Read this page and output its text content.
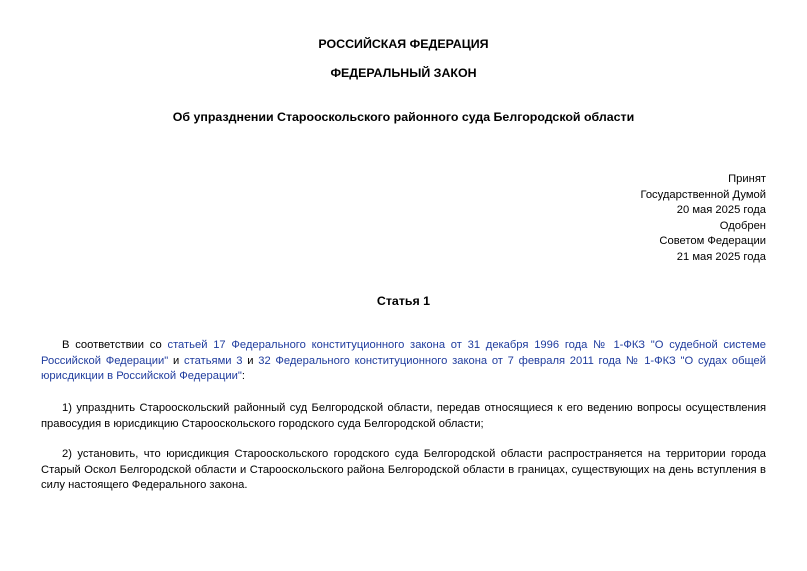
РОССИЙСКАЯ ФЕДЕРАЦИЯ
ФЕДЕРАЛЬНЫЙ ЗАКОН
Об упразднении Старооскольского районного суда Белгородской области
Принят
Государственной Думой
20 мая 2025 года
Одобрен
Советом Федерации
21 мая 2025 года
Статья 1

В соответствии со статьей 17 Федерального конституционного закона от 31 декабря 1996 года № 1-ФКЗ "О судебной системе Российской Федерации" и статьями 3 и 32 Федерального конституционного закона от 7 февраля 2011 года № 1-ФКЗ "О судах общей юрисдикции в Российской Федерации":

1) упразднить Старооскольский районный суд Белгородской области, передав относящиеся к его ведению вопросы осуществления правосудия в юрисдикцию Старооскольского городского суда Белгородской области;

2) установить, что юрисдикция Старооскольского городского суда Белгородской области распространяется на территории города Старый Оскол Белгородской области и Старооскольского района Белгородской области в границах, существующих на день вступления в силу настоящего Федерального закона.
